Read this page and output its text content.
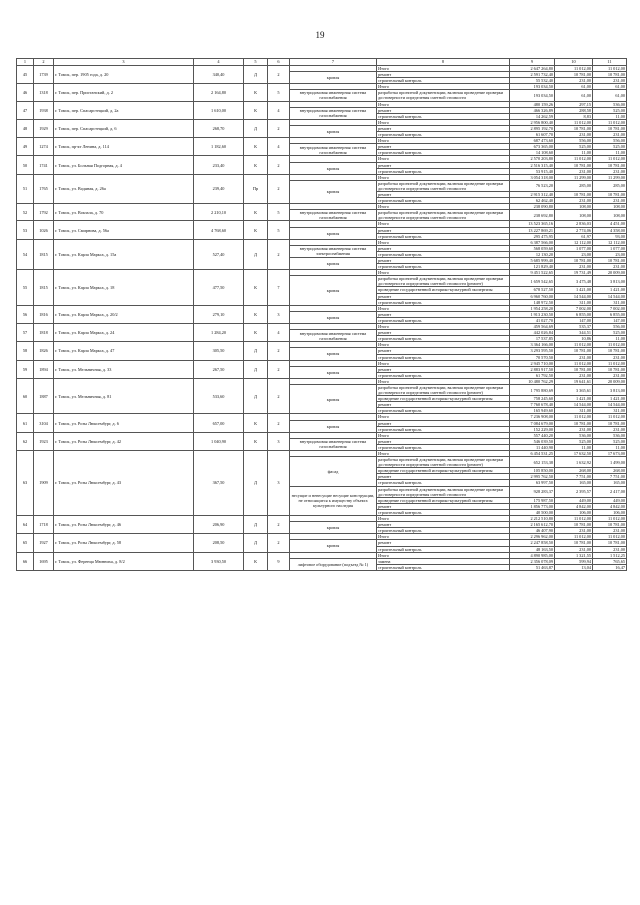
19
1	2	3	4	5	6	7	8	9	10	11
45	1739	г. Томск, пер. 1905 года, д. 20	340,40	Д	2		Итого	2 647 264,80	11 012,00	11 012,00
						кровля	ремонт	2 591 732,40	10 781,00	10 781,00
							строительный контроль	55 532,40	231,00	231,00
46	1318	г. Томск, пер. Пристанский, д. 2	2 164,80	К	5		Итого	193 034,50	61,00	61,00
						внутридомовая инженерная система газоснабжения	разработка проектной документации, включая проведение проверки достоверности определения сметной стоимости	193 034,50	61,00	61,00
47	1938	г. Томск, пер. Спасарстецкий, д. 2а	1 610,00	К	4		Итого	480 159,26	297,15	536,00
						внутридомовая инженерная система газоснабжения	ремонт	466 326,89	288,58	525,00
							строительный контроль	14 262,59	8,83	11,00
48	1929	г. Томск, пер. Спасарстецкий, д. 6	268,70	Д	2		Итого	2 956 800,40	11 012,00	11 012,00
						кровля	ремонт	2 895 192,70	10 781,00	10 781,00
							строительный контроль	61 607,70	231,00	231,00
49	1274	г. Томск, пр-кт Ленина, д. 114	1 182,60	К	4		Итого	687 473,60	556,00	556,00
						внутридомовая инженерная система газоснабжения	ремонт	673 365,00	525,00	525,00
							строительный контроль	14 108,60	11,00	11,00
50	1741	г. Томск, ул. Больная Подгорная, д. 4	233,40	К	2		Итого	2 570 203,80	11 012,00	11 012,00
						кровля	ремонт	2 516 315,40	10 781,00	10 781,00
							строительный контроль	53 915,40	231,00	231,00
51	1765	г. Томск, ул. Водяная, д. 26а	239,40	Пр	2		Итого	3 054 318,00	11 299,00	11 299,00
						кровля	разработка проектной документации, включая проведение проверки достоверности определения сметной стоимости	76 523,20	285,00	285,00
							ремонт	2 915 312,40	10 781,00	10 781,00
							строительный контроль	62 462,40	231,00	231,00
52	1792	г. Томск, ул. Вокзала, д. 70	2 210,10	К	5		Итого	238 090,80	108,00	108,00
						внутридомовая инженерная система газоснабжения	разработка проектной документации, включая проведение проверки достоверности определения сметной стоимости	238 692,80	108,00	108,00
53	1026	г. Томск, ул. Смирнова, д. 56а	4 768,60	К	5		Итого	13 523 365,16	2 836,03	4 451,00
						кровля	ремонт	13 227 869,21	2 774,06	4 358,00
							строительный контроль	295 475,95	61,97	93,00
54	1815	г. Томск, ул. Карла Маркса, д. 15а	527,40	Д	2		Итого	6 387 566,00	12 112,00	12 112,00
						внутридомовая инженерная система электроснабжения	ремонт	568 059,60	1 077,00	1 077,00
							строительный контроль	12 130,20	23,00	23,00
						кровля	ремонт	5 685 999,40	10 781,00	10 781,00
							строительный контроль	121 829,40	231,00	231,00
55	1815	г. Томск, ул. Карла Маркса, д. 18	477,50	К	7		Итого	9 451 522,65	19 731,49	20 009,00
						кровля	разработка проектной документации, включая проведение проверки достоверности определения сметной стоимости (ремонт)	1 659 542,65	3 475,48	3 813,00
							проведение государственной историко-культурной экспертизы	678 527,50	1 421,00	1 421,00
							ремонт	6 960 760,00	14 544,00	14 544,00
							строительный контроль	148 972,50	311,00	311,00
56	1816	г. Томск, ул. Карла Маркса, д. 20/2	279,10	К	3		Итого	1 954 258,20	7 002,00	7 002,00
						кровля	ремонт	1 913 230,50	6 855,00	6 855,00
							строительный контроль	41 027,70	147,00	147,00
57	1818	г. Томск, ул. Карла Маркса, д. 24	1 284,20	К	4		Итого	459 564,69	535,37	556,00
						внутридомовая инженерная система газоснабжения	ремонт	442 026,84	344,51	525,00
							строительный контроль	17 537,85	10,86	11,00
58	1826	г. Томск, ул. Карла Маркса, д. 47	305,50	Д	2		Итого	3 364 166,00	11 012,00	11 012,00
						кровля	ремонт	3 293 595,50	10 781,00	10 781,00
							строительный контроль	70 570,50	231,00	231,00
59	1894	г. Томск, ул. Мельничная, д. 33	267,50	Д	2		Итого	2 945 710,00	11 012,00	11 012,00
						кровля	ремонт	2 883 917,50	10 781,00	10 781,00
							строительный контроль	61 792,50	231,00	231,00
60	1887	г. Томск, ул. Мельничная, д. 81	533,60	Д	2		Итого	10 480 762,29	19 641,61	20 009,00
						кровля	разработка проектной документации, включая проведение проверки достоверности определения сметной стоимости (ремонт)	1 795 880,69	3 365,61	3 813,00
							проведение государственной историко-культурной экспертизы	758 245,60	1 421,00	1 421,00
							ремонт	7 760 678,40	14 544,00	14 544,00
							строительный контроль	165 949,60	311,00	311,00
61	3104	г. Томск, ул. Розы Люксембург, д. 6	657,00	К	2		Итого	7 236 908,00	11 012,00	11 012,00
						кровля	ремонт	7 084 679,00	10 781,00	10 781,00
							строительный контроль	152 229,00	231,00	231,00
62	1923	г. Томск, ул. Розы Люксембург, д. 42	1 040,90	К	3		Итого	557 440,20	536,00	536,00
						внутридомовая инженерная система газоснабжения	ремонт	546 039,50	525,00	525,00
							строительный контроль	11 440,90	11,00	11,00
63	1909	г. Томск, ул. Розы Люксембург, д. 43	367,50	Д	3		Итого	6 454 531,25	17 632,50	17 673,00
						фасад	разработка проектной документации, включая проведение проверки достоверности определения сметной стоимости (ремонт)	652 153,38	1 632,92	1 499,00
							проведение государственной историко-культурной экспертизы	105 850,00	268,00	268,00
							ремонт	2 995 762,50	7 751,00	7 751,00
							строительный контроль	63 997,50	165,00	165,00
						несущие и ненесущие несущие конструкции, не относящиеся к имуществу объекта культурного наследия	разработка проектной документации, включая проведение проверки достоверности определения сметной стоимости	928 283,37	2 395,57	2 417,00
							проведение государственной историко-культурной экспертизы	175 987,50	449,00	449,00
							ремонт	1 856 773,00	4 842,00	4 842,00
							строительный контроль	40 500,00	106,00	106,00
64	1718	г. Томск, ул. Розы Люксембург, д. 46	206,90	Д	2		Итого	2 212 510,80	11 012,00	11 012,00
						кровля	ремонт	2 165 612,70	10 781,00	10 781,00
							строительный контроль	46 407,90	231,00	231,00
65	1927	г. Томск, ул. Розы Люксембург, д. 58	208,50	Д	2		Итого	2 296 962,00	11 012,00	11 012,00
						кровля	ремонт	2 247 858,50	10 781,00	10 781,00
							строительный контроль	48 163,50	231,00	231,00
66	1695	г. Томск, ул. Ференца Мюнниха, д. 8/2	3 930,50	К	9		Итого	4 890 985,00	1 321,55	1 512,25
						лифтовое оборудование (подъезд № 1)	замена	2 356 078,09	599,94	765,65
							строительный контроль	51 463,87	13,04	16,47
